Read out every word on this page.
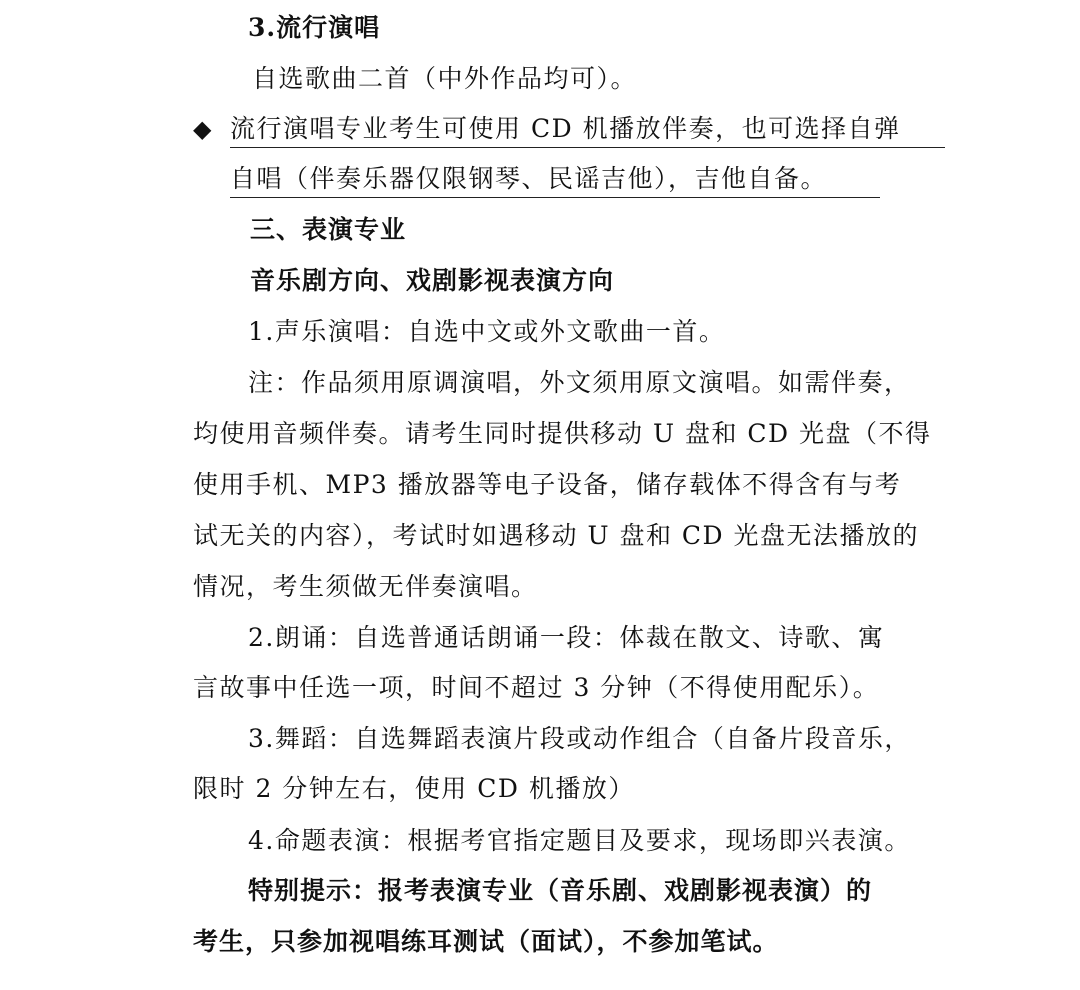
3.流行演唱
自选歌曲二首（中外作品均可）。
◆ 流行演唱专业考生可使用 CD 机播放伴奏，也可选择自弹
自唱（伴奏乐器仅限钢琴、民谣吉他），吉他自备。
三、表演专业
音乐剧方向、戏剧影视表演方向
1.声乐演唱：自选中文或外文歌曲一首。
注：作品须用原调演唱，外文须用原文演唱。如需伴奏，
均使用音频伴奏。请考生同时提供移动 U 盘和 CD 光盘（不得
使用手机、MP3 播放器等电子设备，储存载体不得含有与考
试无关的内容），考试时如遇移动 U 盘和 CD 光盘无法播放的
情况，考生须做无伴奏演唱。
2.朗诵：自选普通话朗诵一段：体裁在散文、诗歌、寓
言故事中任选一项，时间不超过 3 分钟（不得使用配乐）。
3.舞蹈：自选舞蹈表演片段或动作组合（自备片段音乐，
限时 2 分钟左右，使用 CD 机播放）
4.命题表演：根据考官指定题目及要求，现场即兴表演。
特别提示：报考表演专业（音乐剧、戏剧影视表演）的
考生，只参加视唱练耳测试（面试），不参加笔试。
